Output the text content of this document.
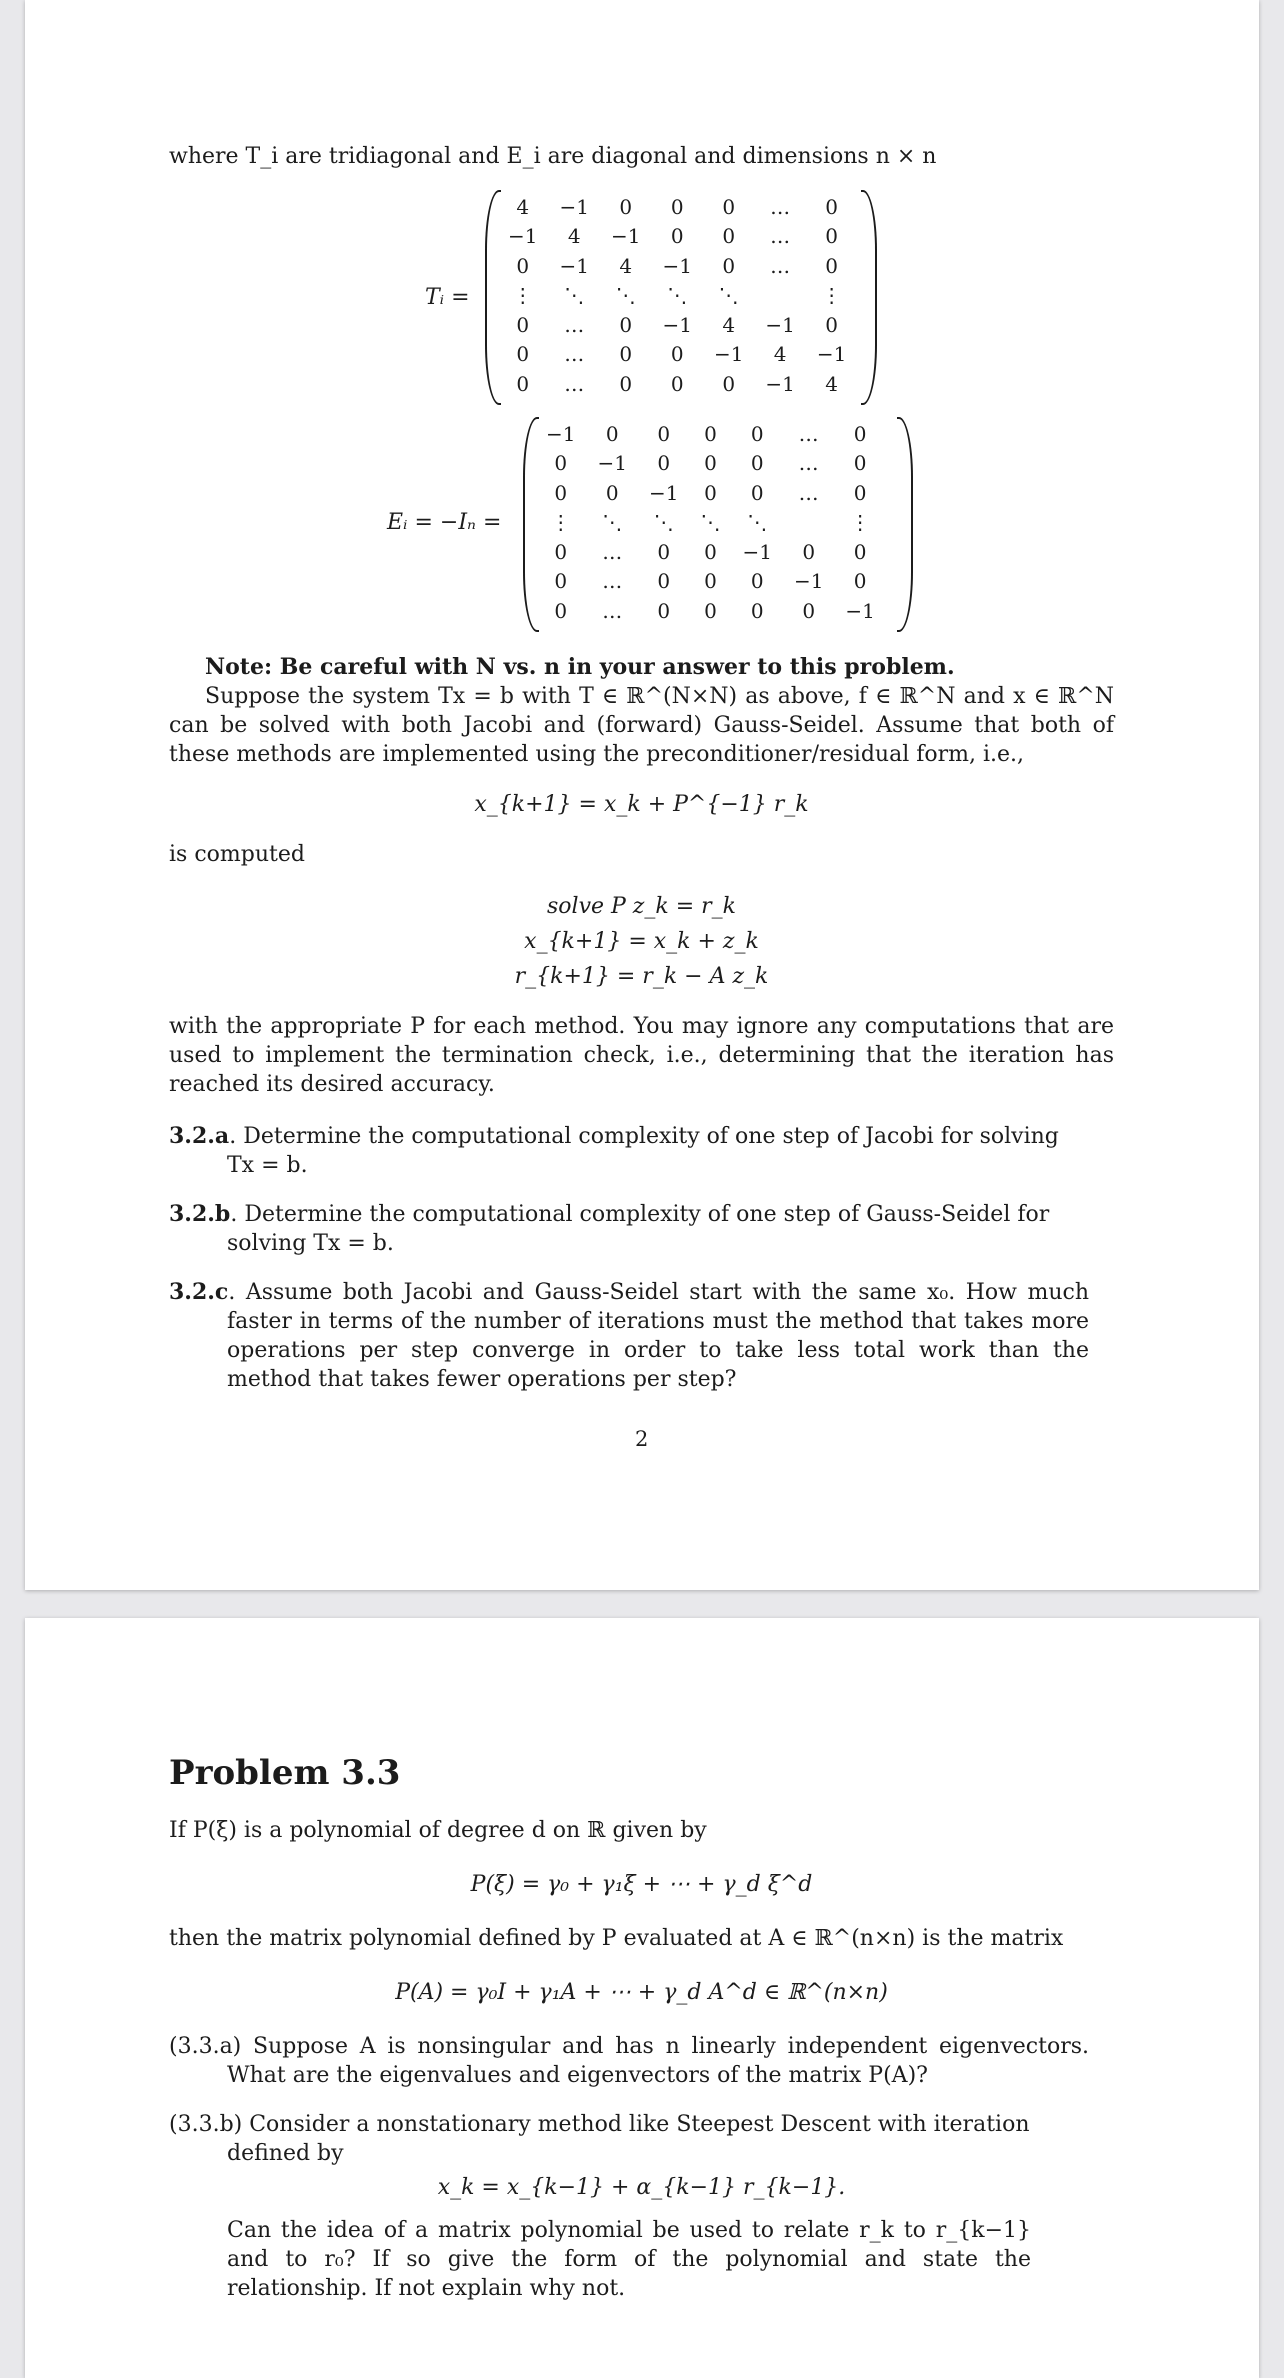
where T_i are tridiagonal and E_i are diagonal and dimensions n × n
Tᵢ =
4	−1	0	0	0	…	0
−1	4	−1	0	0	…	0
0	−1	4	−1	0	…	0
⋮	⋱	⋱	⋱	⋱		⋮
0	…	0	−1	4	−1	0
0	…	0	0	−1	4	−1
0	…	0	0	0	−1	4
Eᵢ = −Iₙ =
−1	0	0	0	0	…	0
0	−1	0	0	0	…	0
0	0	−1	0	0	…	0
⋮	⋱	⋱	⋱	⋱		⋮
0	…	0	0	−1	0	0
0	…	0	0	0	−1	0
0	…	0	0	0	0	−1
Note: Be careful with N vs. n in your answer to this problem.
Suppose the system Tx = b with T ∈ ℝ^(N×N) as above, f ∈ ℝ^N and x ∈ ℝ^N can be solved with both Jacobi and (forward) Gauss-Seidel. Assume that both of these methods are implemented using the preconditioner/residual form, i.e.,
x_{k+1} = x_k + P^{−1} r_k
is computed
solve P z_k = r_k
x_{k+1} = x_k + z_k
r_{k+1} = r_k − A z_k
with the appropriate P for each method. You may ignore any computations that are used to implement the termination check, i.e., determining that the iteration has reached its desired accuracy.
3.2.a. Determine the computational complexity of one step of Jacobi for solving Tx = b.
3.2.b. Determine the computational complexity of one step of Gauss-Seidel for solving Tx = b.
3.2.c. Assume both Jacobi and Gauss-Seidel start with the same x₀. How much faster in terms of the number of iterations must the method that takes more operations per step converge in order to take less total work than the method that takes fewer operations per step?
2
Problem 3.3
If P(ξ) is a polynomial of degree d on ℝ given by
P(ξ) = γ₀ + γ₁ξ + ⋯ + γ_d ξ^d
then the matrix polynomial defined by P evaluated at A ∈ ℝ^(n×n) is the matrix
P(A) = γ₀I + γ₁A + ⋯ + γ_d A^d ∈ ℝ^(n×n)
(3.3.a) Suppose A is nonsingular and has n linearly independent eigenvectors. What are the eigenvalues and eigenvectors of the matrix P(A)?
(3.3.b) Consider a nonstationary method like Steepest Descent with iteration defined by
x_k = x_{k−1} + α_{k−1} r_{k−1}.
Can the idea of a matrix polynomial be used to relate r_k to r_{k−1} and to r₀? If so give the form of the polynomial and state the relationship. If not explain why not.
